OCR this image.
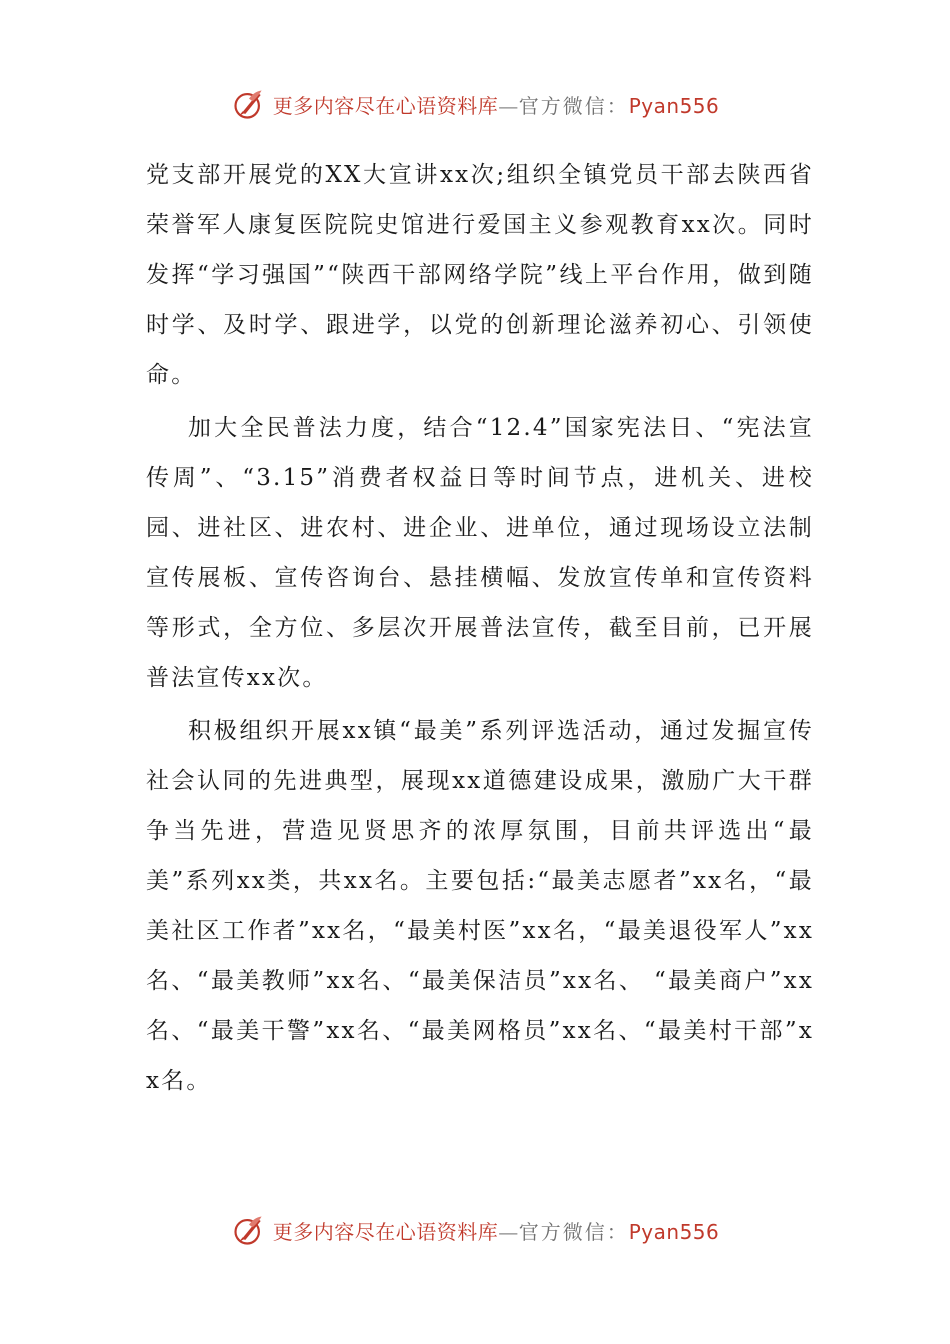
更多内容尽在心语资料库—官方微信：Pyan556

党支部开展党的XX大宣讲xx次;组织全镇党员干部去陕西省荣誉军人康复医院院史馆进行爱国主义参观教育xx次。同时发挥“学习强国”“陕西干部网络学院”线上平台作用，做到随时学、及时学、跟进学，以党的创新理论滋养初心、引领使命。

加大全民普法力度，结合“12.4”国家宪法日、“宪法宣传周”、“3.15”消费者权益日等时间节点，进机关、进校园、进社区、进农村、进企业、进单位，通过现场设立法制宣传展板、宣传咨询台、悬挂横幅、发放宣传单和宣传资料等形式，全方位、多层次开展普法宣传，截至目前，已开展普法宣传xx次。

积极组织开展xx镇“最美”系列评选活动，通过发掘宣传社会认同的先进典型，展现xx道德建设成果，激励广大干群争当先进，营造见贤思齐的浓厚氛围，目前共评选出“最美”系列xx类，共xx名。主要包括:“最美志愿者”xx名，“最美社区工作者”xx名，“最美村医”xx名，“最美退役军人”xx名、“最美教师”xx名、“最美保洁员”xx名、 “最美商户”xx名、“最美干警”xx名、“最美网格员”xx名、“最美村干部”xx名。

更多内容尽在心语资料库—官方微信：Pyan556
